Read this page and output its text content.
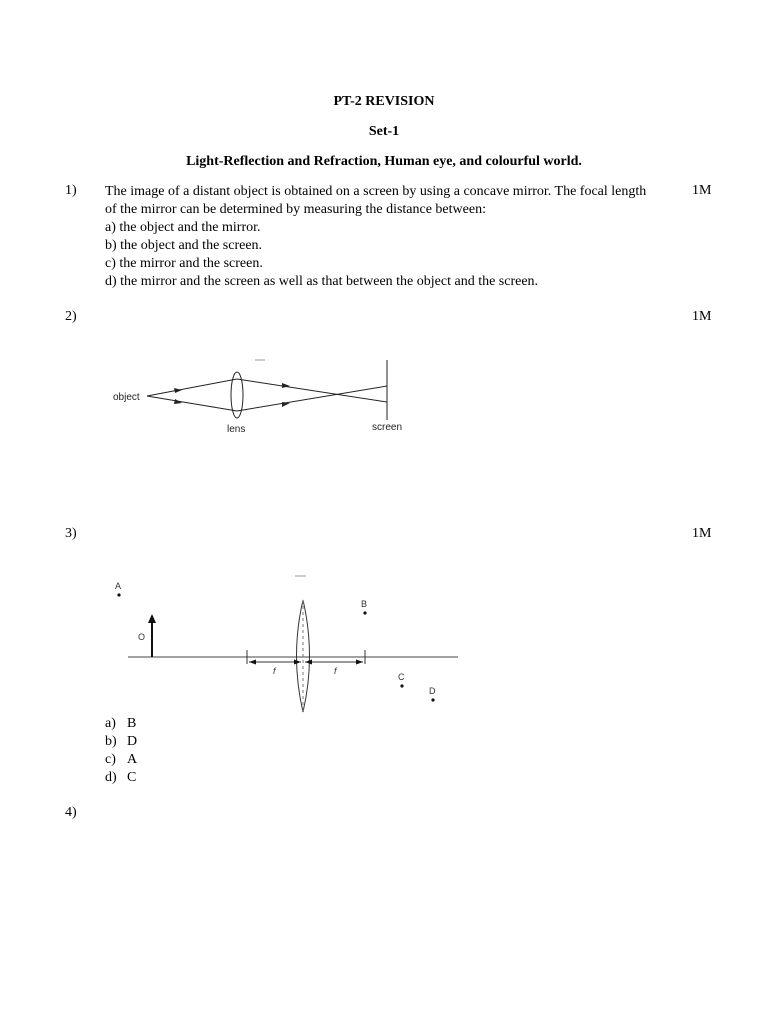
PT-2 REVISION
Set-1
Light-Reflection and Refraction, Human eye, and colourful world.
1)	1M
The image of a distant object is obtained on a screen by using a concave mirror. The focal length
of the mirror can be determined by measuring the distance between:
a) the object and the mirror.
b) the object and the screen.
c) the mirror and the screen.
d) the mirror and the screen as well as that between the object and the screen.
2)	1M
object
lens	screen
3)	1M
A
O
B
C
D
f	f
a) B
b) D
c) A
d) C
4)
